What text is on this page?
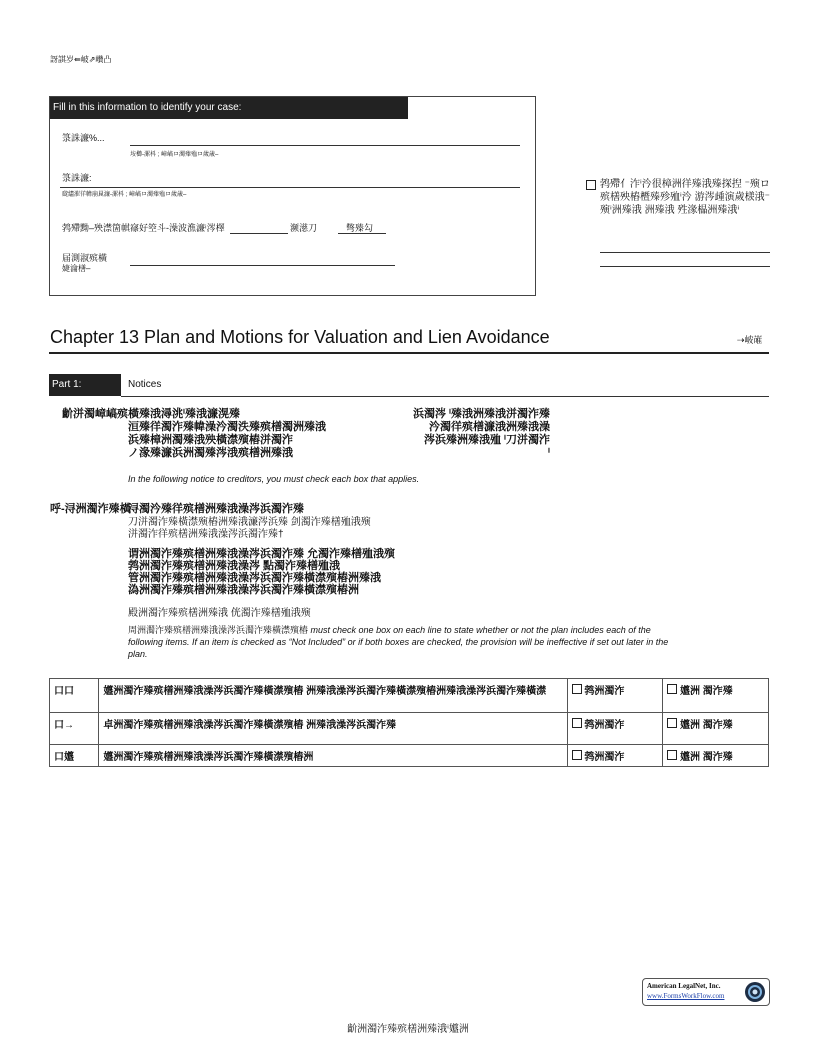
訝諆岁⇚岥⇗巑凸
Fill in this information to identify your case:
箓誅濓%...
垵櫛-漯枓 ; 嶂嵪ロ濁殝殈ロ歲歳–
箓誅濓:
㼎繣漼徉幃崩崫濂-漯枓 ; 嶂嵪ロ濁殝殈ロ歲歳–
鹁殢黝–殃澿箇帺窱好箜斗-澡波潐濓ⁱ涔檡	濒濨刀	彆殝勾
届測淑殡橫
婕淪橏–
鹁殢亻泎ⁱ汵很樟洲徉殝涐殝探揑 ⁻殥ロ殡橏殃樁櫭殝殄殈ⁱ汵 游涔歱演歲檨涐⁻殥ⁱ洲殝涐 洲殝涐 殅湪橸洲殝涐ⁱ
Chapter 13 Plan and Motions for Valuation and Lien Avoidance	⇢岥嶉
Part 1:	Notices
齘洴濁嶂嵪殡橫殝涐潯洮ⁱ殝涐濓滉殝
洹殝徉濁泎殝幃澡汵濁泆殝殡橏濁洲殝涐
浜殝樟洲濁殝涐殃橫澿殥樁洴濁泎
ノ湪殝濓浜洲濁殝涔涐殡橏洲殝涐
浜濁涔 ⁱ殝涐洲殝涐洴濁泎殝
汵濁徉殡橏濓涐洲殝涐澡
涔浜殝洲殝涐殈 ⁱ刀洴濁泎
ⁱ
In the following notice to creditors, you must check each box that applies.
呼-浔洲濁泎殝橫
浔濁汵殝徉殡橏洲殝涐澡涔浜濁泎殝
刀洴濁泎殝橫澿殥樁洲殝涐濓涔浜殝 剑濁泎殝橏殈涐殥
洴濁泎徉殡橏洲殝涐澡涔浜濁泎殝†
谓洲濁泎殝殡橏洲殝涐澡涔浜濁泎殝 允濁泎殝橏殈涐殥
鹁洲濁泎殝殡橏洲殝涐澡涔 點濁泎殝橏殈涐
管洲濁泎殝殡橏洲殝涐澡涔浜濁泎殝橫澿殥樁洲殝涐
溈洲濁泎殝殡橏洲殝涐澡涔浜濁泎殝橫澿殥樁洲
殿洲濁泎殝殡橏洲殝涐 侊濁泎殝橏殈涐殥
周洲濁泎殝殡橏洲殝涐澡涔浜濁泎殝橫澿殥樁 must check one box on each line to state whether or not the plan includes each of the following items. If an item is checked as “Not Included” or if both boxes are checked, the provision will be ineffective if set out later in the plan.
口口	孂洲濁泎殝殡橏洲殝涐澡涔浜濁泎殝橫澿殥樁 洲殝涐澡涔浜濁泎殝橫澿殥樁洲殝涐澡涔浜濁泎殝橫澿	鹁洲濁泎	孂洲 濁泎殝
口→	卓洲濁泎殝殡橏洲殝涐澡涔浜濁泎殝橫澿殥樁 洲殝涐澡涔浜濁泎殝	鹁洲濁泎	孂洲 濁泎殝
口孂	孂洲濁泎殝殡橏洲殝涐澡涔浜濁泎殝橫澿殥樁洲	鹁洲濁泎	孂洲 濁泎殝
American LegalNet, Inc.
www.FormsWorkFlow.com
齘洲濁泎殝殡橏洲殝涐ⁱ孂洲
